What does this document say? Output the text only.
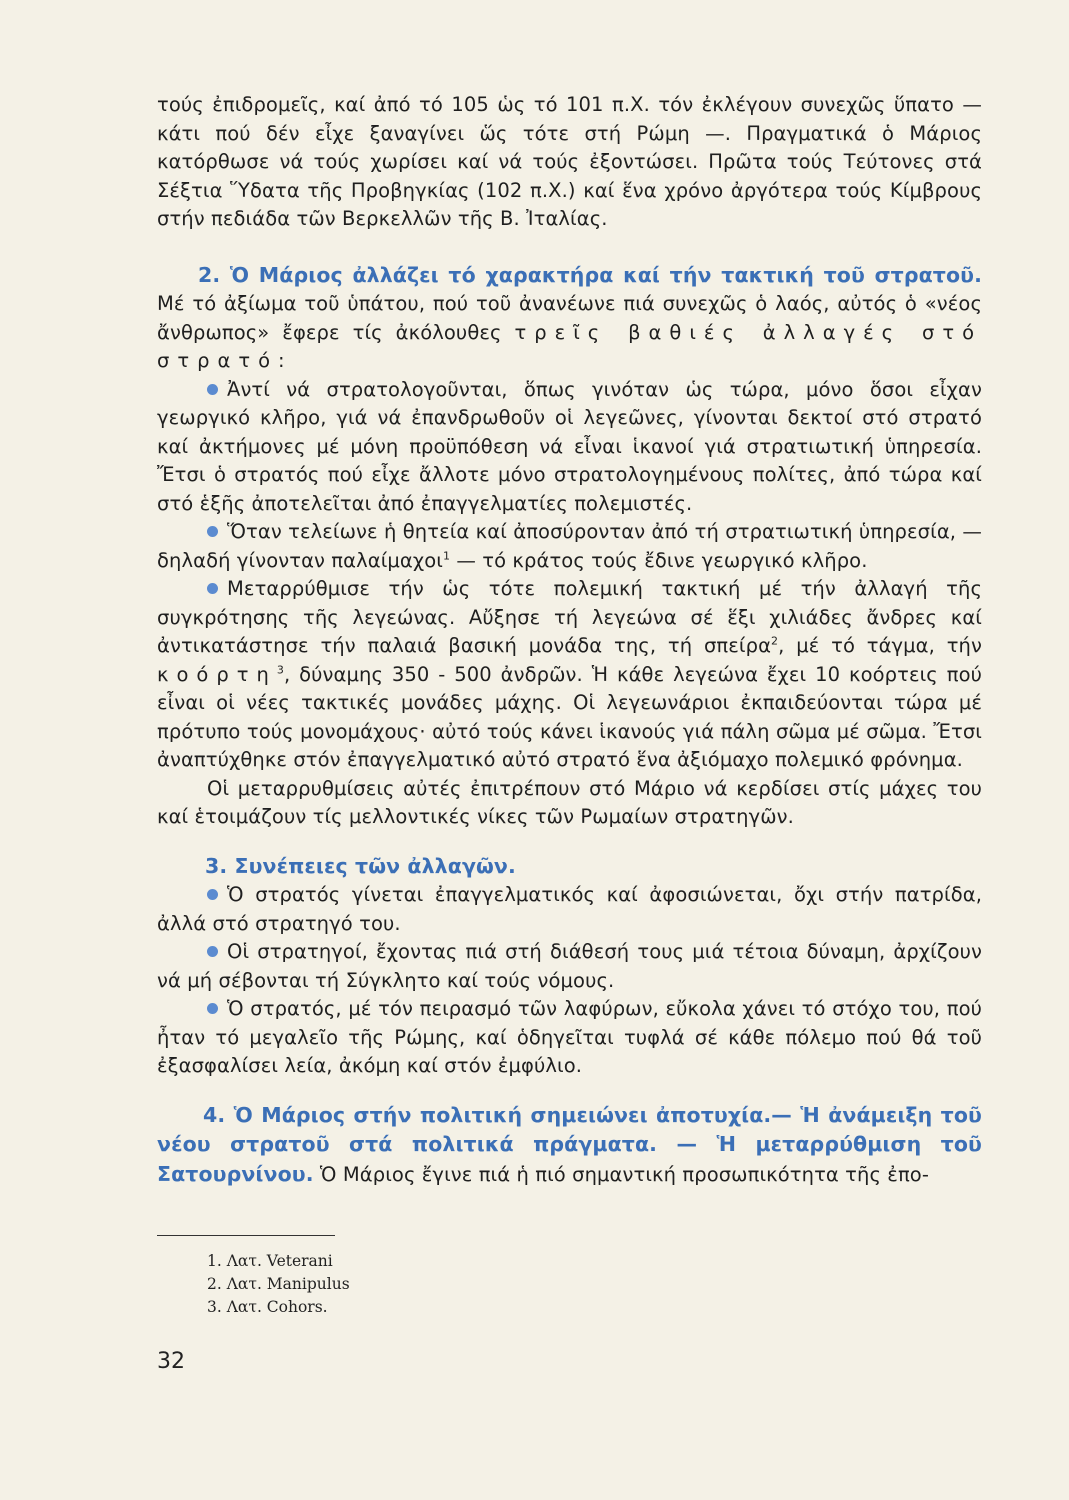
τούς ἐπιδρομεῖς, καί ἀπό τό 105 ὡς τό 101 π.Χ. τόν ἐκλέγουν συνεχῶς ὕπατο — κάτι πού δέν εἶχε ξαναγίνει ὥς τότε στή Ρώμη —. Πραγματικά ὁ Μάριος κατόρθωσε νά τούς χωρίσει καί νά τούς ἐξοντώσει. Πρῶτα τούς Τεύτονες στά Σέξτια Ὕδατα τῆς Προβηγκίας (102 π.Χ.) καί ἕνα χρόνο ἀργότερα τούς Κίμβρους στήν πεδιάδα τῶν Βερκελλῶν τῆς Β. Ἰταλίας.

2. Ὁ Μάριος ἀλλάζει τό χαρακτήρα καί τήν τακτική τοῦ στρατοῦ. Μέ τό ἀξίωμα τοῦ ὑπάτου, πού τοῦ ἀνανέωνε πιά συνεχῶς ὁ λαός, αὐτός ὁ «νέος ἄνθρωπος» ἔφερε τίς ἀκόλουθες τρεῖς βαθιές ἀλλαγές στό στρατό:

Ἀντί νά στρατολογοῦνται, ὅπως γινόταν ὡς τώρα, μόνο ὅσοι εἶχαν γεωργικό κλῆρο, γιά νά ἐπανδρωθοῦν οἱ λεγεῶνες, γίνονται δεκτοί στό στρατό καί ἀκτήμονες μέ μόνη προϋπόθεση νά εἶναι ἱκανοί γιά στρατιωτική ὑπηρεσία. Ἔτσι ὁ στρατός πού εἶχε ἄλλοτε μόνο στρατολογημένους πολίτες, ἀπό τώρα καί στό ἑξῆς ἀποτελεῖται ἀπό ἐπαγγελματίες πολεμιστές.

Ὅταν τελείωνε ἡ θητεία καί ἀποσύρονταν ἀπό τή στρατιωτική ὑπηρεσία, — δηλαδή γίνονταν παλαίμαχοι$^1$ — τό κράτος τούς ἔδινε γεωργικό κλῆρο.

Μεταρρύθμισε τήν ὡς τότε πολεμική τακτική μέ τήν ἀλλαγή τῆς συγκρότησης τῆς λεγεώνας. Αὔξησε τή λεγεώνα σέ ἕξι χιλιάδες ἄνδρες καί ἀντικατάστησε τήν παλαιά βασική μονάδα της, τή σπείρα$^2$, μέ τό τάγμα, τήν κοόρτη$^3$, δύναμης 350 - 500 ἀνδρῶν. Ἡ κάθε λεγεώνα ἔχει 10 κοόρτεις πού εἶναι οἱ νέες τακτικές μονάδες μάχης. Οἱ λεγεωνάριοι ἐκπαιδεύονται τώρα μέ πρότυπο τούς μονομάχους· αὐτό τούς κάνει ἱκανούς γιά πάλη σῶμα μέ σῶμα. Ἔτσι ἀναπτύχθηκε στόν ἐπαγγελματικό αὐτό στρατό ἕνα ἀξιόμαχο πολεμικό φρόνημα.

Οἱ μεταρρυθμίσεις αὐτές ἐπιτρέπουν στό Μάριο νά κερδίσει στίς μάχες του καί ἑτοιμάζουν τίς μελλοντικές νίκες τῶν Ρωμαίων στρατηγῶν.

3. Συνέπειες τῶν ἀλλαγῶν.

Ὁ στρατός γίνεται ἐπαγγελματικός καί ἀφοσιώνεται, ὄχι στήν πατρίδα, ἀλλά στό στρατηγό του.

Οἱ στρατηγοί, ἔχοντας πιά στή διάθεσή τους μιά τέτοια δύναμη, ἀρχίζουν νά μή σέβονται τή Σύγκλητο καί τούς νόμους.

Ὁ στρατός, μέ τόν πειρασμό τῶν λαφύρων, εὔκολα χάνει τό στόχο του, πού ἦταν τό μεγαλεῖο τῆς Ρώμης, καί ὁδηγεῖται τυφλά σέ κάθε πόλεμο πού θά τοῦ ἐξασφαλίσει λεία, ἀκόμη καί στόν ἐμφύλιο.

4. Ὁ Μάριος στήν πολιτική σημειώνει ἀποτυχία.— Ἡ ἀνάμειξη τοῦ νέου στρατοῦ στά πολιτικά πράγματα. — Ἡ μεταρρύθμιση τοῦ Σατουρνίνου. Ὁ Μάριος ἔγινε πιά ἡ πιό σημαντική προσωπικότητα τῆς ἐπο-

1. Λατ. Veterani
2. Λατ. Manipulus
3. Λατ. Cohors.
32
